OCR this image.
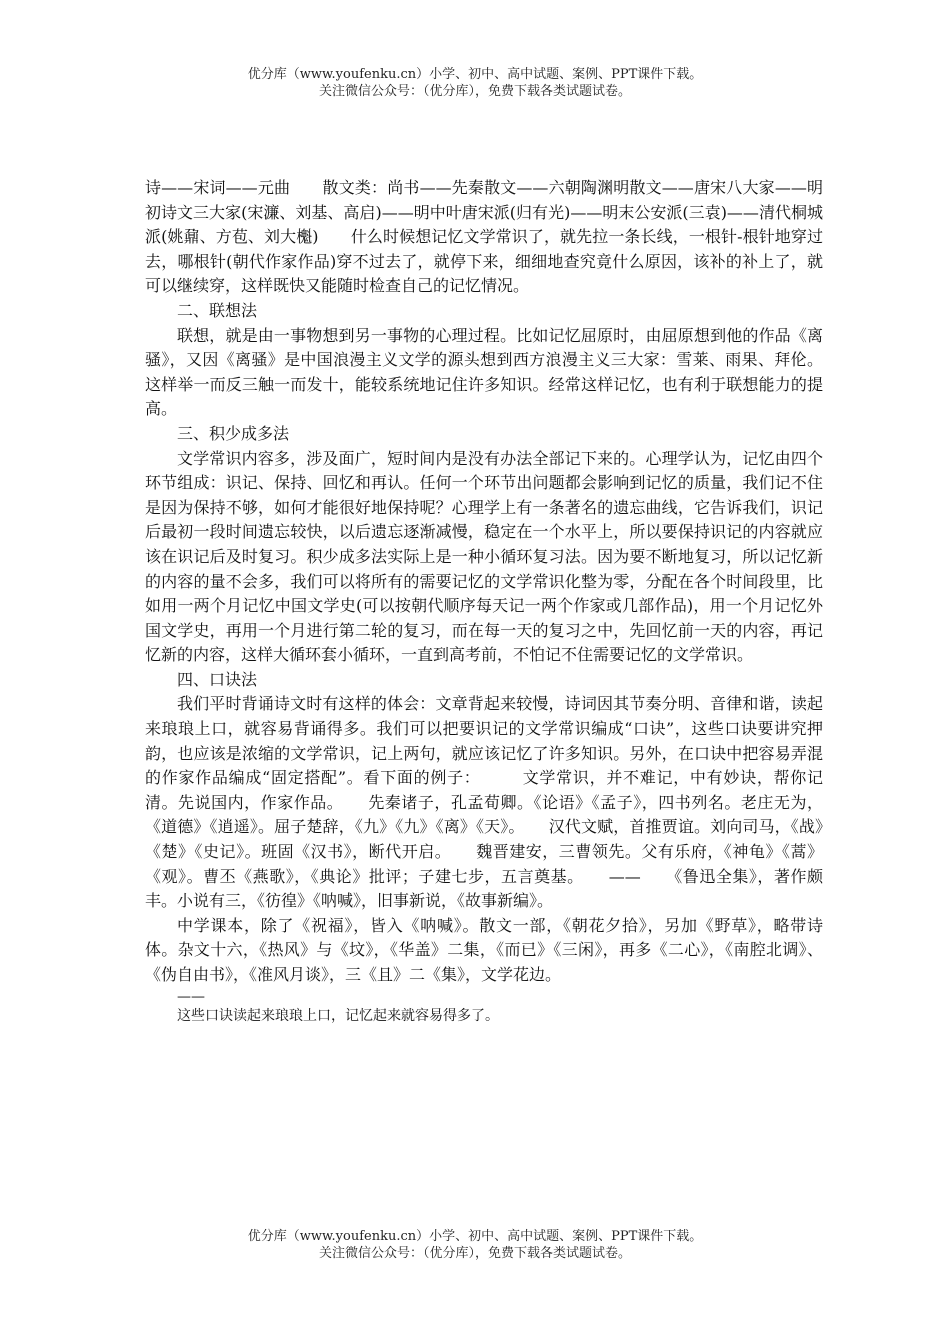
优分库（www.youfenku.cn）小学、初中、高中试题、案例、PPT课件下载。
关注微信公众号：（优分库），免费下载各类试题试卷。

诗——宋词——元曲　　散文类：尚书——先秦散文——六朝陶渊明散文——唐宋八大家——明初诗文三大家(宋濂、刘基、高启)——明中叶唐宋派(归有光)——明末公安派(三袁)——清代桐城派(姚鼐、方苞、刘大櫆)　　什么时候想记忆文学常识了，就先拉一条长线，一根针-根针地穿过去，哪根针(朝代作家作品)穿不过去了，就停下来，细细地查究竟什么原因，该补的补上了，就可以继续穿，这样既快又能随时检查自己的记忆情况。

二、联想法

联想，就是由一事物想到另一事物的心理过程。比如记忆屈原时，由屈原想到他的作品《离骚》，又因《离骚》是中国浪漫主义文学的源头想到西方浪漫主义三大家：雪莱、雨果、拜伦。这样举一而反三触一而发十，能较系统地记住许多知识。经常这样记忆，也有利于联想能力的提高。

三、积少成多法

文学常识内容多，涉及面广，短时间内是没有办法全部记下来的。心理学认为，记忆由四个环节组成：识记、保持、回忆和再认。任何一个环节出问题都会影响到记忆的质量，我们记不住是因为保持不够，如何才能很好地保持呢？心理学上有一条著名的遗忘曲线，它告诉我们，识记后最初一段时间遗忘较快，以后遗忘逐渐减慢，稳定在一个水平上，所以要保持识记的内容就应该在识记后及时复习。积少成多法实际上是一种小循环复习法。因为要不断地复习，所以记忆新的内容的量不会多，我们可以将所有的需要记忆的文学常识化整为零，分配在各个时间段里，比如用一两个月记忆中国文学史(可以按朝代顺序每天记一两个作家或几部作品)，用一个月记忆外国文学史，再用一个月进行第二轮的复习，而在每一天的复习之中，先回忆前一天的内容，再记忆新的内容，这样大循环套小循环，一直到高考前，不怕记不住需要记忆的文学常识。

四、口诀法

我们平时背诵诗文时有这样的体会：文章背起来较慢，诗词因其节奏分明、音律和谐，读起来琅琅上口，就容易背诵得多。我们可以把要识记的文学常识编成“口诀”，这些口诀要讲究押韵，也应该是浓缩的文学常识，记上两句，就应该记忆了许多知识。另外，在口诀中把容易弄混的作家作品编成“固定搭配”。看下面的例子：　　　文学常识，并不难记，中有妙诀，帮你记清。先说国内，作家作品。　　先秦诸子，孔孟荀卿。《论语》《孟子》，四书列名。老庄无为，《道德》《逍遥》。屈子楚辞，《九》《九》《离》《天》。　　汉代文赋，首推贾谊。刘向司马，《战》《楚》《史记》。班固《汉书》，断代开启。　　魏晋建安，三曹领先。父有乐府，《神龟》《蒿》《观》。曹丕《燕歌》，《典论》批评；子建七步，五言奠基。　　——　　《鲁迅全集》，著作颇丰。小说有三，《彷徨》《呐喊》，旧事新说，《故事新编》。

中学课本，除了《祝福》，皆入《呐喊》。散文一部，《朝花夕拾》，另加《野草》，略带诗体。杂文十六，《热风》与《坟》，《华盖》二集，《而已》《三闲》，再多《二心》，《南腔北调》、《伪自由书》，《准风月谈》，三《且》二《集》，文学花边。

——

这些口诀读起来琅琅上口，记忆起来就容易得多了。

优分库（www.youfenku.cn）小学、初中、高中试题、案例、PPT课件下载。
关注微信公众号：（优分库），免费下载各类试题试卷。
